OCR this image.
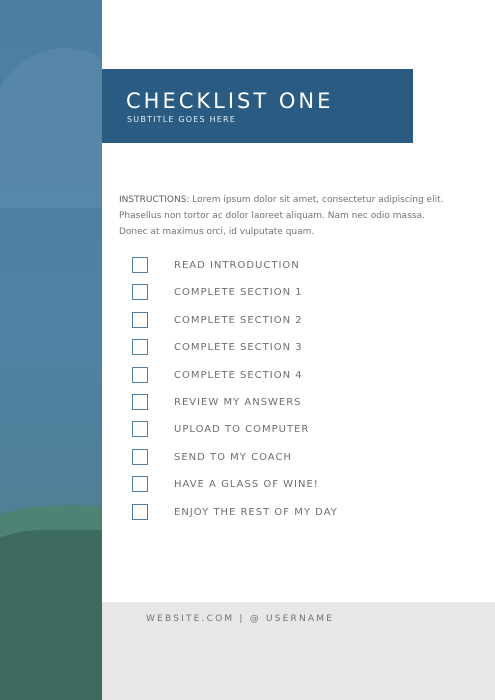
CHECKLIST ONE
SUBTITLE GOES HERE
INSTRUCTIONS: Lorem ipsum dolor sit amet, consectetur adipiscing elit. Phasellus non tortor ac dolor laoreet aliquam. Nam nec odio massa. Donec at maximus orci, id vulputate quam.
READ INTRODUCTION
COMPLETE SECTION 1
COMPLETE SECTION 2
COMPLETE SECTION 3
COMPLETE SECTION 4
REVIEW MY ANSWERS
UPLOAD TO COMPUTER
SEND TO MY COACH
HAVE A GLASS OF WINE!
ENJOY THE REST OF MY DAY
WEBSITE.COM | @ USERNAME
